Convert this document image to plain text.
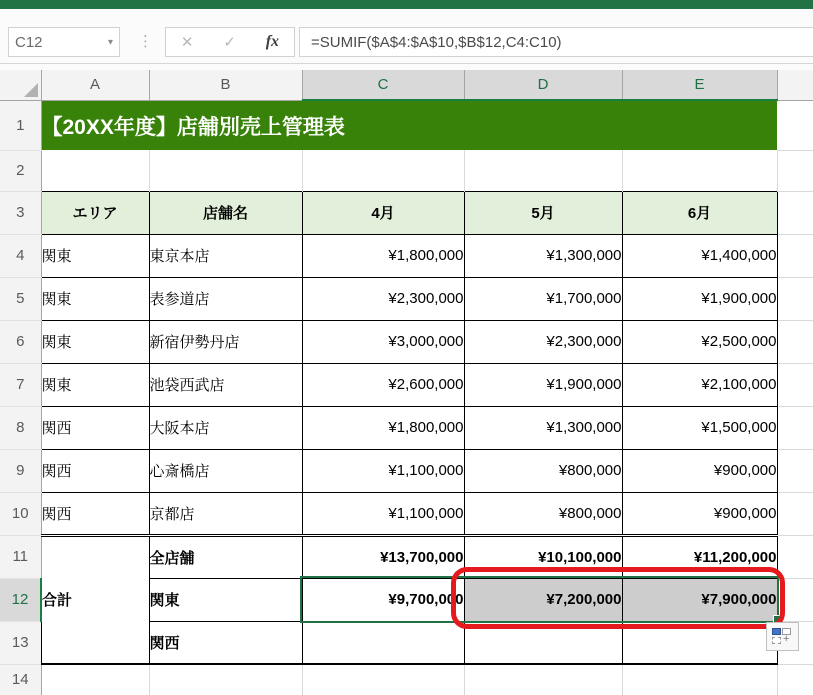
C12	▾ ⋮ ✕ ✓ fx =SUMIF($A$4:$A$10,$B$12,C4:C10)
	A	B	C	D	E	
1	【20XX年度】店舗別売上管理表					
2						
3	エリア	店舗名	4月	5月	6月	
4	関東	東京本店	¥1,800,000	¥1,300,000	¥1,400,000	
5	関東	表参道店	¥2,300,000	¥1,700,000	¥1,900,000	
6	関東	新宿伊勢丹店	¥3,000,000	¥2,300,000	¥2,500,000	
7	関東	池袋西武店	¥2,600,000	¥1,900,000	¥2,100,000	
8	関西	大阪本店	¥1,800,000	¥1,300,000	¥1,500,000	
9	関西	心斎橋店	¥1,100,000	¥800,000	¥900,000	
10	関西	京都店	¥1,100,000	¥800,000	¥900,000	
11	合計	全店舗	¥13,700,000	¥10,100,000	¥11,200,000	
12		関東	¥9,700,000	¥7,200,000	¥7,900,000	
13		関西				
14						
+
